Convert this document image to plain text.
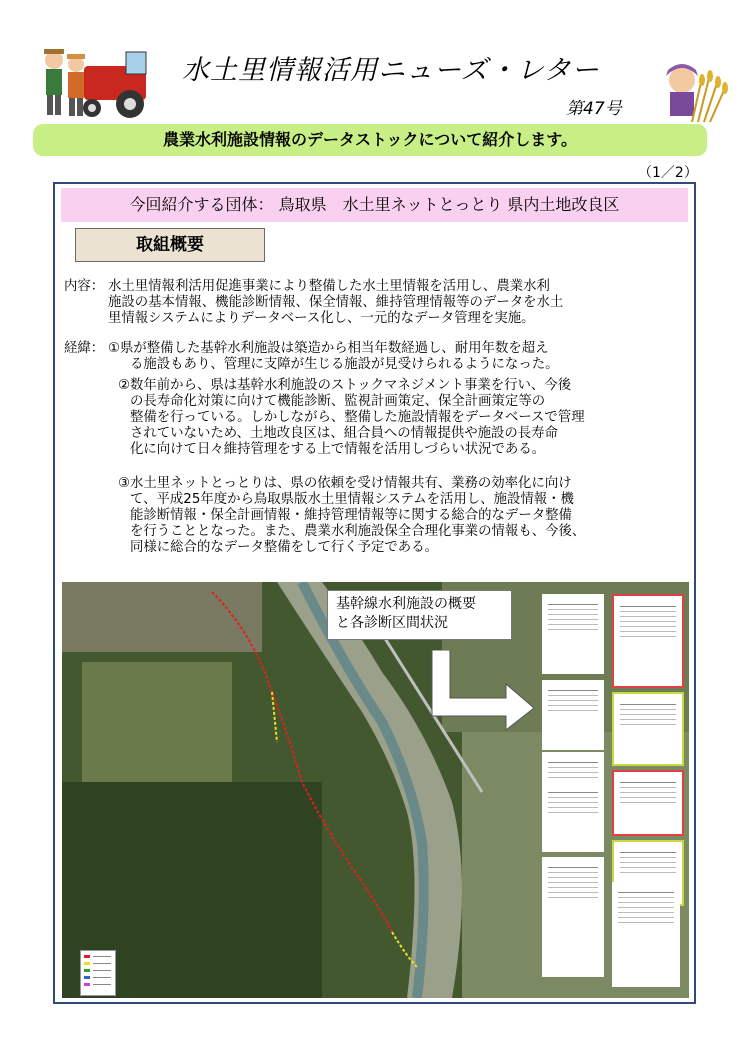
水土里情報活用ニューズ・レター
第47号
農業水利施設情報のデータストックについて紹介します。
（1／2）
今回紹介する団体： 鳥取県　水土里ネットとっとり 県内土地改良区
取組概要
内容： 水土里情報利活用促進事業により整備した水土里情報を活用し、農業水利
施設の基本情報、機能診断情報、保全情報、維持管理情報等のデータを水土
里情報システムによりデータベース化し、一元的なデータ管理を実施。
経緯： ①県が整備した基幹水利施設は築造から相当年数経過し、耐用年数を超え
る施設もあり、管理に支障が生じる施設が見受けられるようになった。
②数年前から、県は基幹水利施設のストックマネジメント事業を行い、今後
の長寿命化対策に向けて機能診断、監視計画策定、保全計画策定等の
整備を行っている。しかしながら、整備した施設情報をデータベースで管理
されていないため、土地改良区は、組合員への情報提供や施設の長寿命
化に向けて日々維持管理をする上で情報を活用しづらい状況である。
③水土里ネットとっとりは、県の依頼を受け情報共有、業務の効率化に向け
て、平成25年度から鳥取県版水土里情報システムを活用し、施設情報・機
能診断情報・保全計画情報・維持管理情報等に関する総合的なデータ整備
を行うこととなった。また、農業水利施設保全合理化事業の情報も、今後、
同様に総合的なデータ整備をして行く予定である。
基幹線水利施設の概要
と各診断区間状況
